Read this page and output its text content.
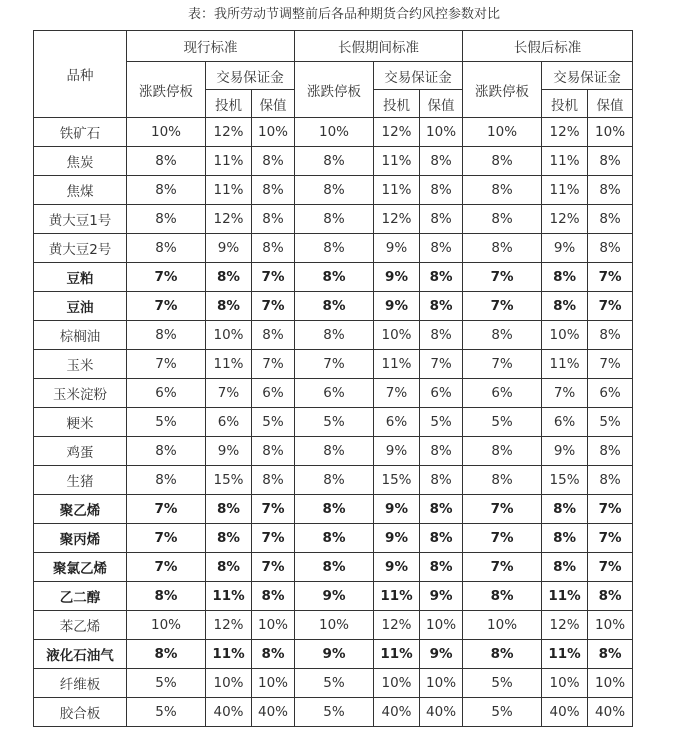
表：我所劳动节调整前后各品种期货合约风控参数对比
品种	现行标准			长假期间标准			长假后标准		
	涨跌停板	交易保证金		涨跌停板	交易保证金		涨跌停板	交易保证金	
		投机	保值		投机	保值		投机	保值
铁矿石	10%	12%	10%	10%	12%	10%	10%	12%	10%
焦炭	8%	11%	8%	8%	11%	8%	8%	11%	8%
焦煤	8%	11%	8%	8%	11%	8%	8%	11%	8%
黄大豆1号	8%	12%	8%	8%	12%	8%	8%	12%	8%
黄大豆2号	8%	9%	8%	8%	9%	8%	8%	9%	8%
豆粕	7%	8%	7%	8%	9%	8%	7%	8%	7%
豆油	7%	8%	7%	8%	9%	8%	7%	8%	7%
棕榈油	8%	10%	8%	8%	10%	8%	8%	10%	8%
玉米	7%	11%	7%	7%	11%	7%	7%	11%	7%
玉米淀粉	6%	7%	6%	6%	7%	6%	6%	7%	6%
粳米	5%	6%	5%	5%	6%	5%	5%	6%	5%
鸡蛋	8%	9%	8%	8%	9%	8%	8%	9%	8%
生猪	8%	15%	8%	8%	15%	8%	8%	15%	8%
聚乙烯	7%	8%	7%	8%	9%	8%	7%	8%	7%
聚丙烯	7%	8%	7%	8%	9%	8%	7%	8%	7%
聚氯乙烯	7%	8%	7%	8%	9%	8%	7%	8%	7%
乙二醇	8%	11%	8%	9%	11%	9%	8%	11%	8%
苯乙烯	10%	12%	10%	10%	12%	10%	10%	12%	10%
液化石油气	8%	11%	8%	9%	11%	9%	8%	11%	8%
纤维板	5%	10%	10%	5%	10%	10%	5%	10%	10%
胶合板	5%	40%	40%	5%	40%	40%	5%	40%	40%
